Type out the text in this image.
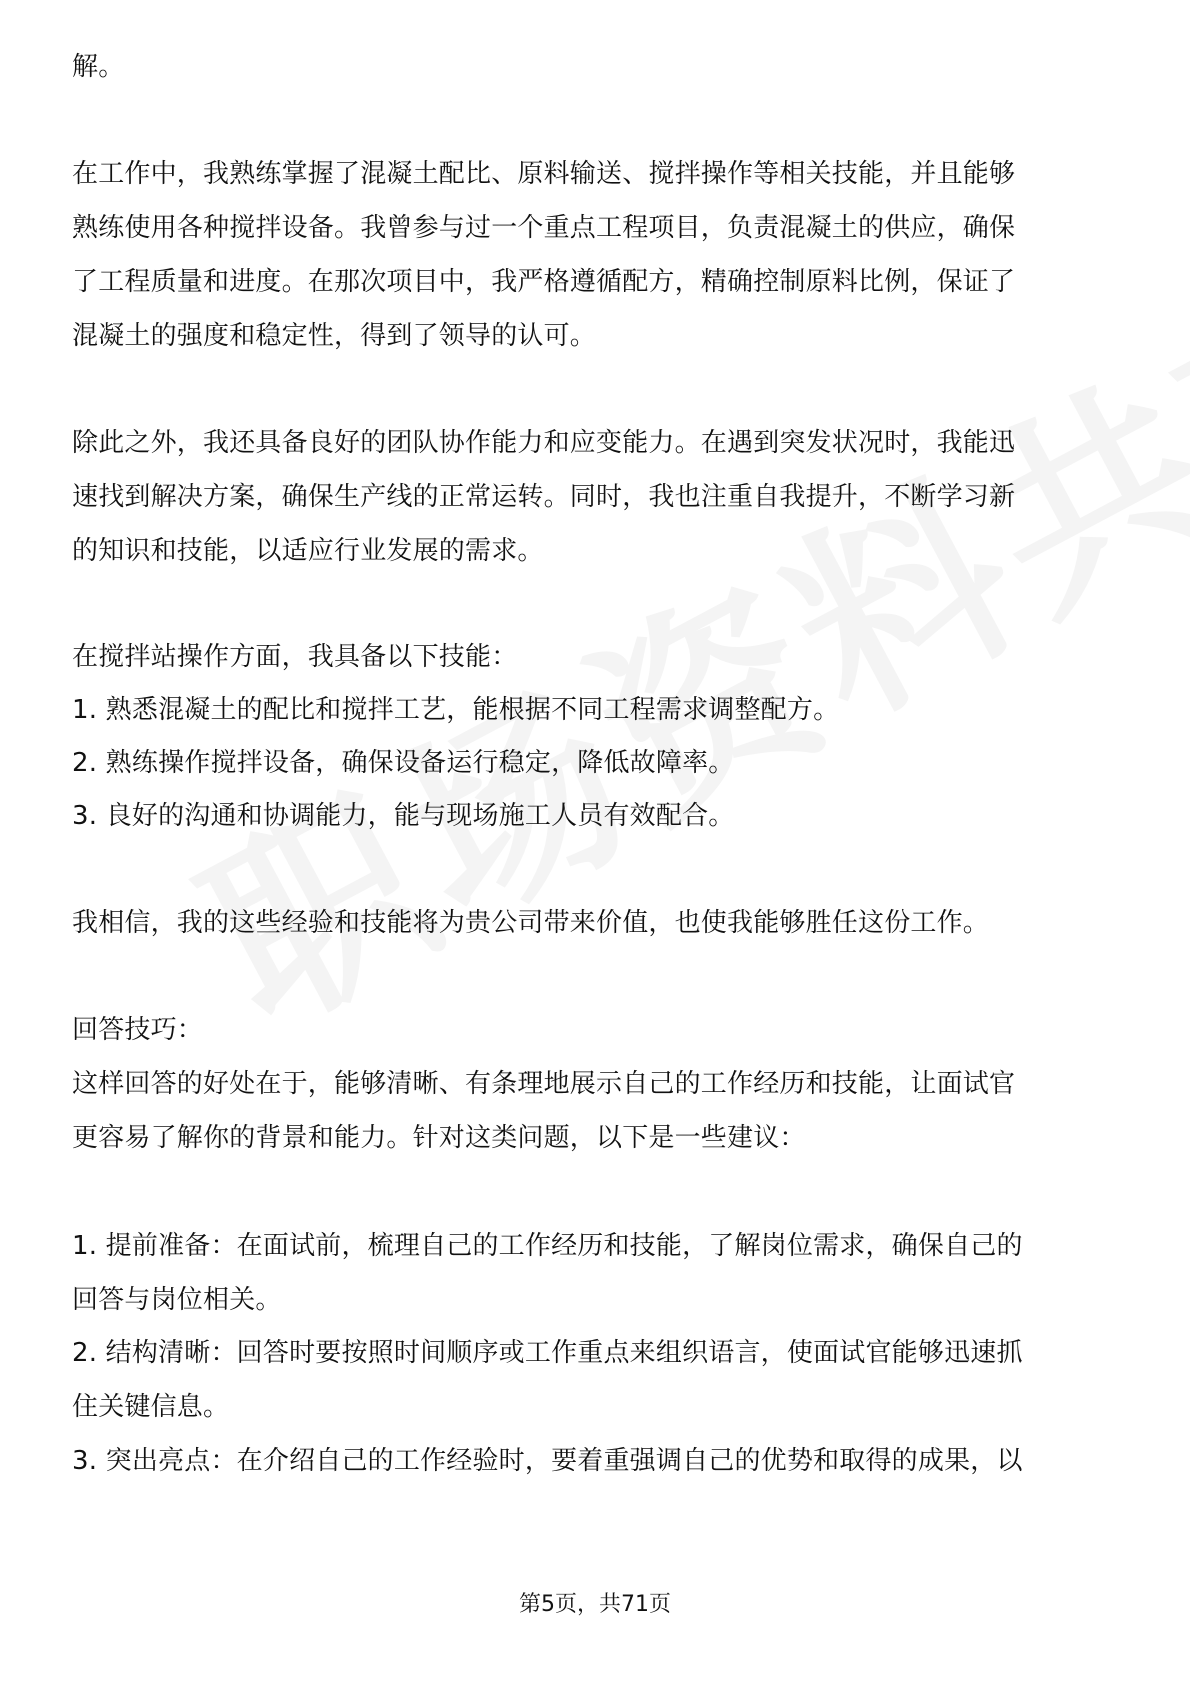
解。
在工作中，我熟练掌握了混凝土配比、原料输送、搅拌操作等相关技能，并且能够
熟练使用各种搅拌设备。我曾参与过一个重点工程项目，负责混凝土的供应，确保
了工程质量和进度。在那次项目中，我严格遵循配方，精确控制原料比例，保证了
混凝土的强度和稳定性，得到了领导的认可。
除此之外，我还具备良好的团队协作能力和应变能力。在遇到突发状况时，我能迅
速找到解决方案，确保生产线的正常运转。同时，我也注重自我提升，不断学习新
的知识和技能，以适应行业发展的需求。
在搅拌站操作方面，我具备以下技能：
1. 熟悉混凝土的配比和搅拌工艺，能根据不同工程需求调整配方。
2. 熟练操作搅拌设备，确保设备运行稳定，降低故障率。
3. 良好的沟通和协调能力，能与现场施工人员有效配合。
我相信，我的这些经验和技能将为贵公司带来价值，也使我能够胜任这份工作。
回答技巧：
这样回答的好处在于，能够清晰、有条理地展示自己的工作经历和技能，让面试官
更容易了解你的背景和能力。针对这类问题，以下是一些建议：
1. 提前准备：在面试前，梳理自己的工作经历和技能，了解岗位需求，确保自己的
回答与岗位相关。
2. 结构清晰：回答时要按照时间顺序或工作重点来组织语言，使面试官能够迅速抓
住关键信息。
3. 突出亮点：在介绍自己的工作经验时，要着重强调自己的优势和取得的成果，以
第5页，共71页
